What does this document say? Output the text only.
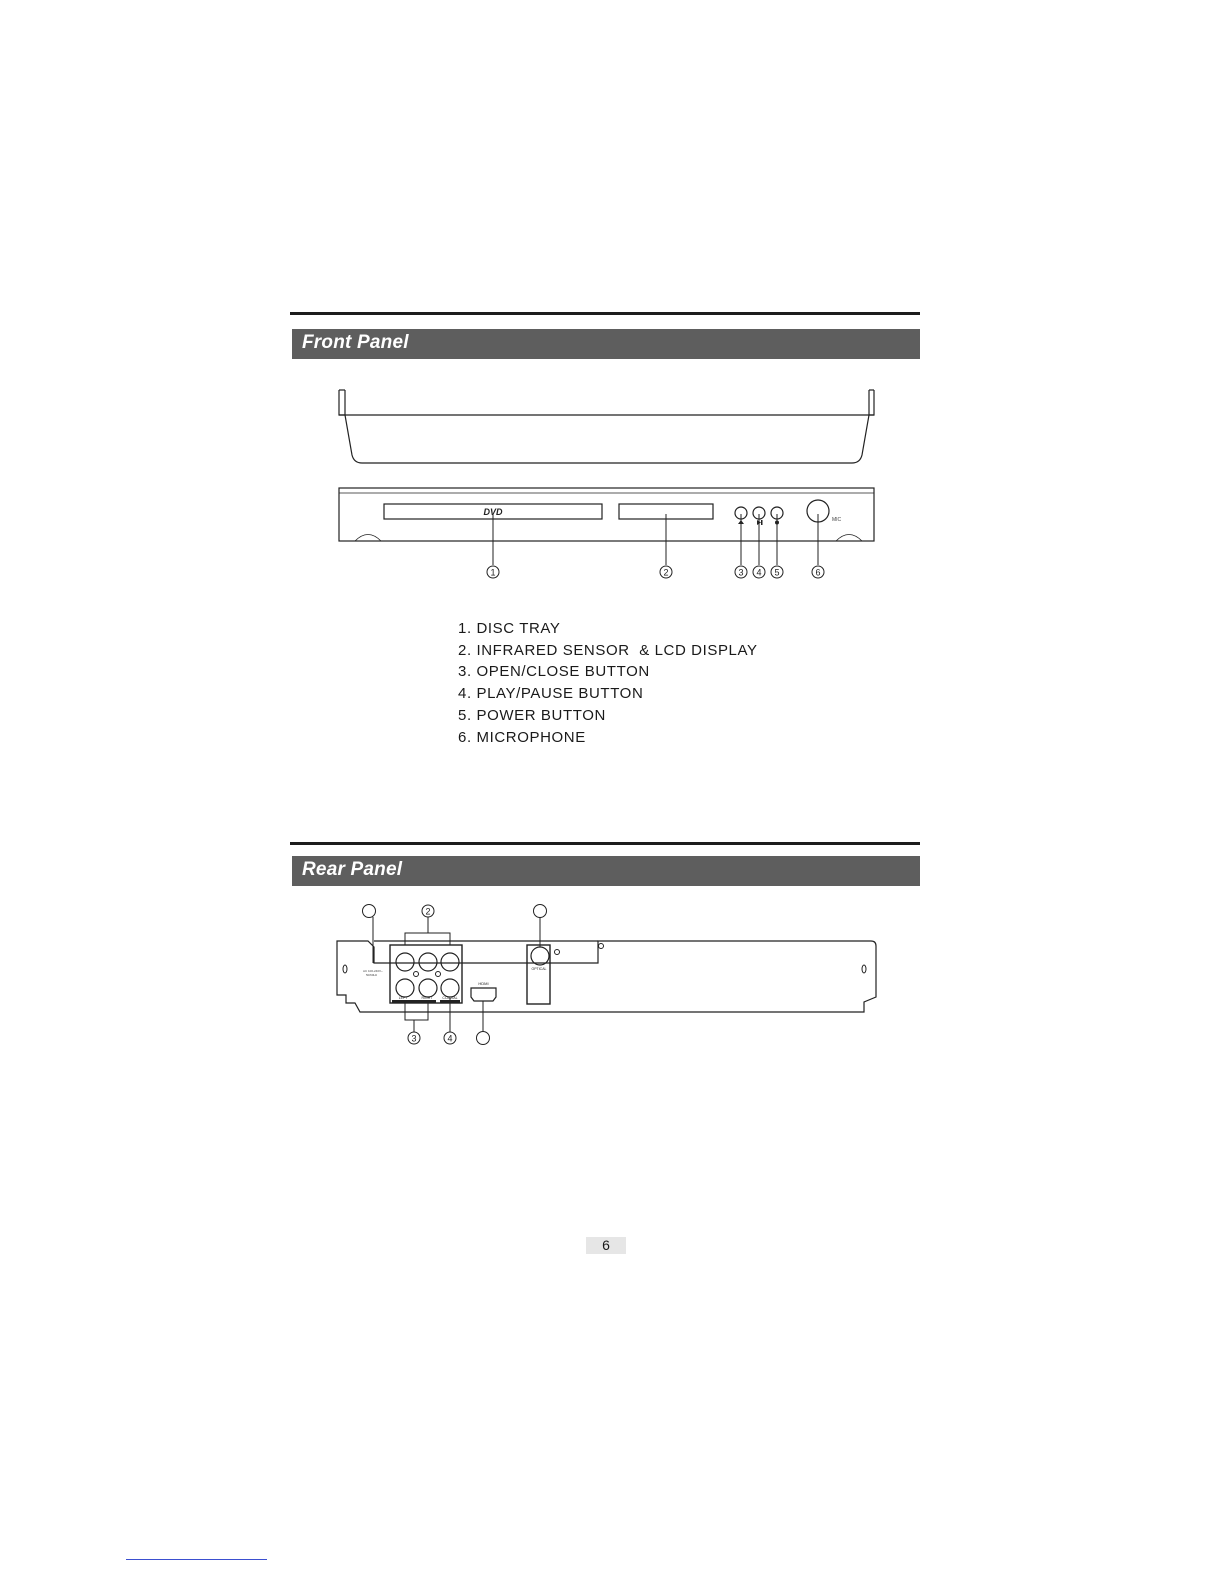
Front Panel
DVD
MIC
1	2	3 4 5	6
1. DISC TRAY
2. INFRARED SENSOR  & LCD DISPLAY
3. OPEN/CLOSE BUTTON
4. PLAY/PAUSE BUTTON
5. POWER BUTTON
6. MICROPHONE
Rear Panel
AC 100-240V~
50/60Hz
LEFT	RIGHT	COAXIAL
HDMI
OPTICAL
2
3	4
6
